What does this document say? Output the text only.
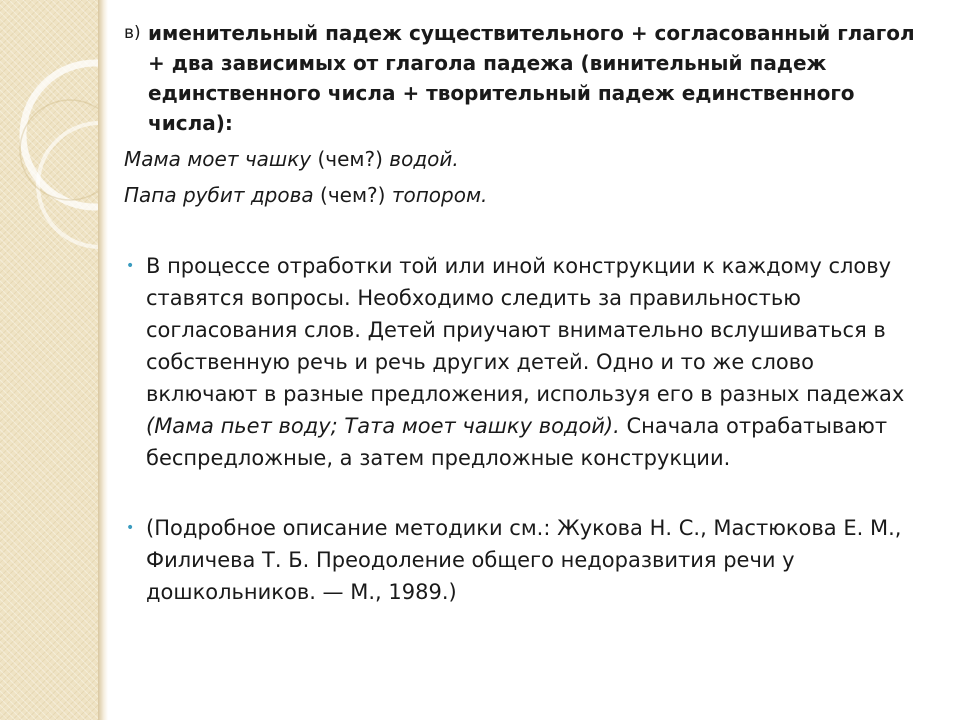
в) именительный падеж существительного + согласованный глагол + два зависимых от глагола падежа (винительный падеж единственного числа + творительный падеж единственного числа):

Мама моет чашку (чем?) водой.

Папа рубит дрова (чем?) топором.

• В процессе отработки той или иной конструкции к каждому слову ставятся вопросы. Необходимо следить за правильностью согласования слов. Детей приучают внимательно вслушиваться в собственную речь и речь других детей. Одно и то же слово включают в разные предложения, используя его в разных падежах (Мама пьет воду; Тата моет чашку водой). Сначала отрабатывают беспредложные, а затем предложные конструкции.

• (Подробное описание методики см.: Жукова Н. С., Мастюкова Е. М., Филичева Т. Б. Преодоление общего недоразвития речи у дошкольников. — М., 1989.)
